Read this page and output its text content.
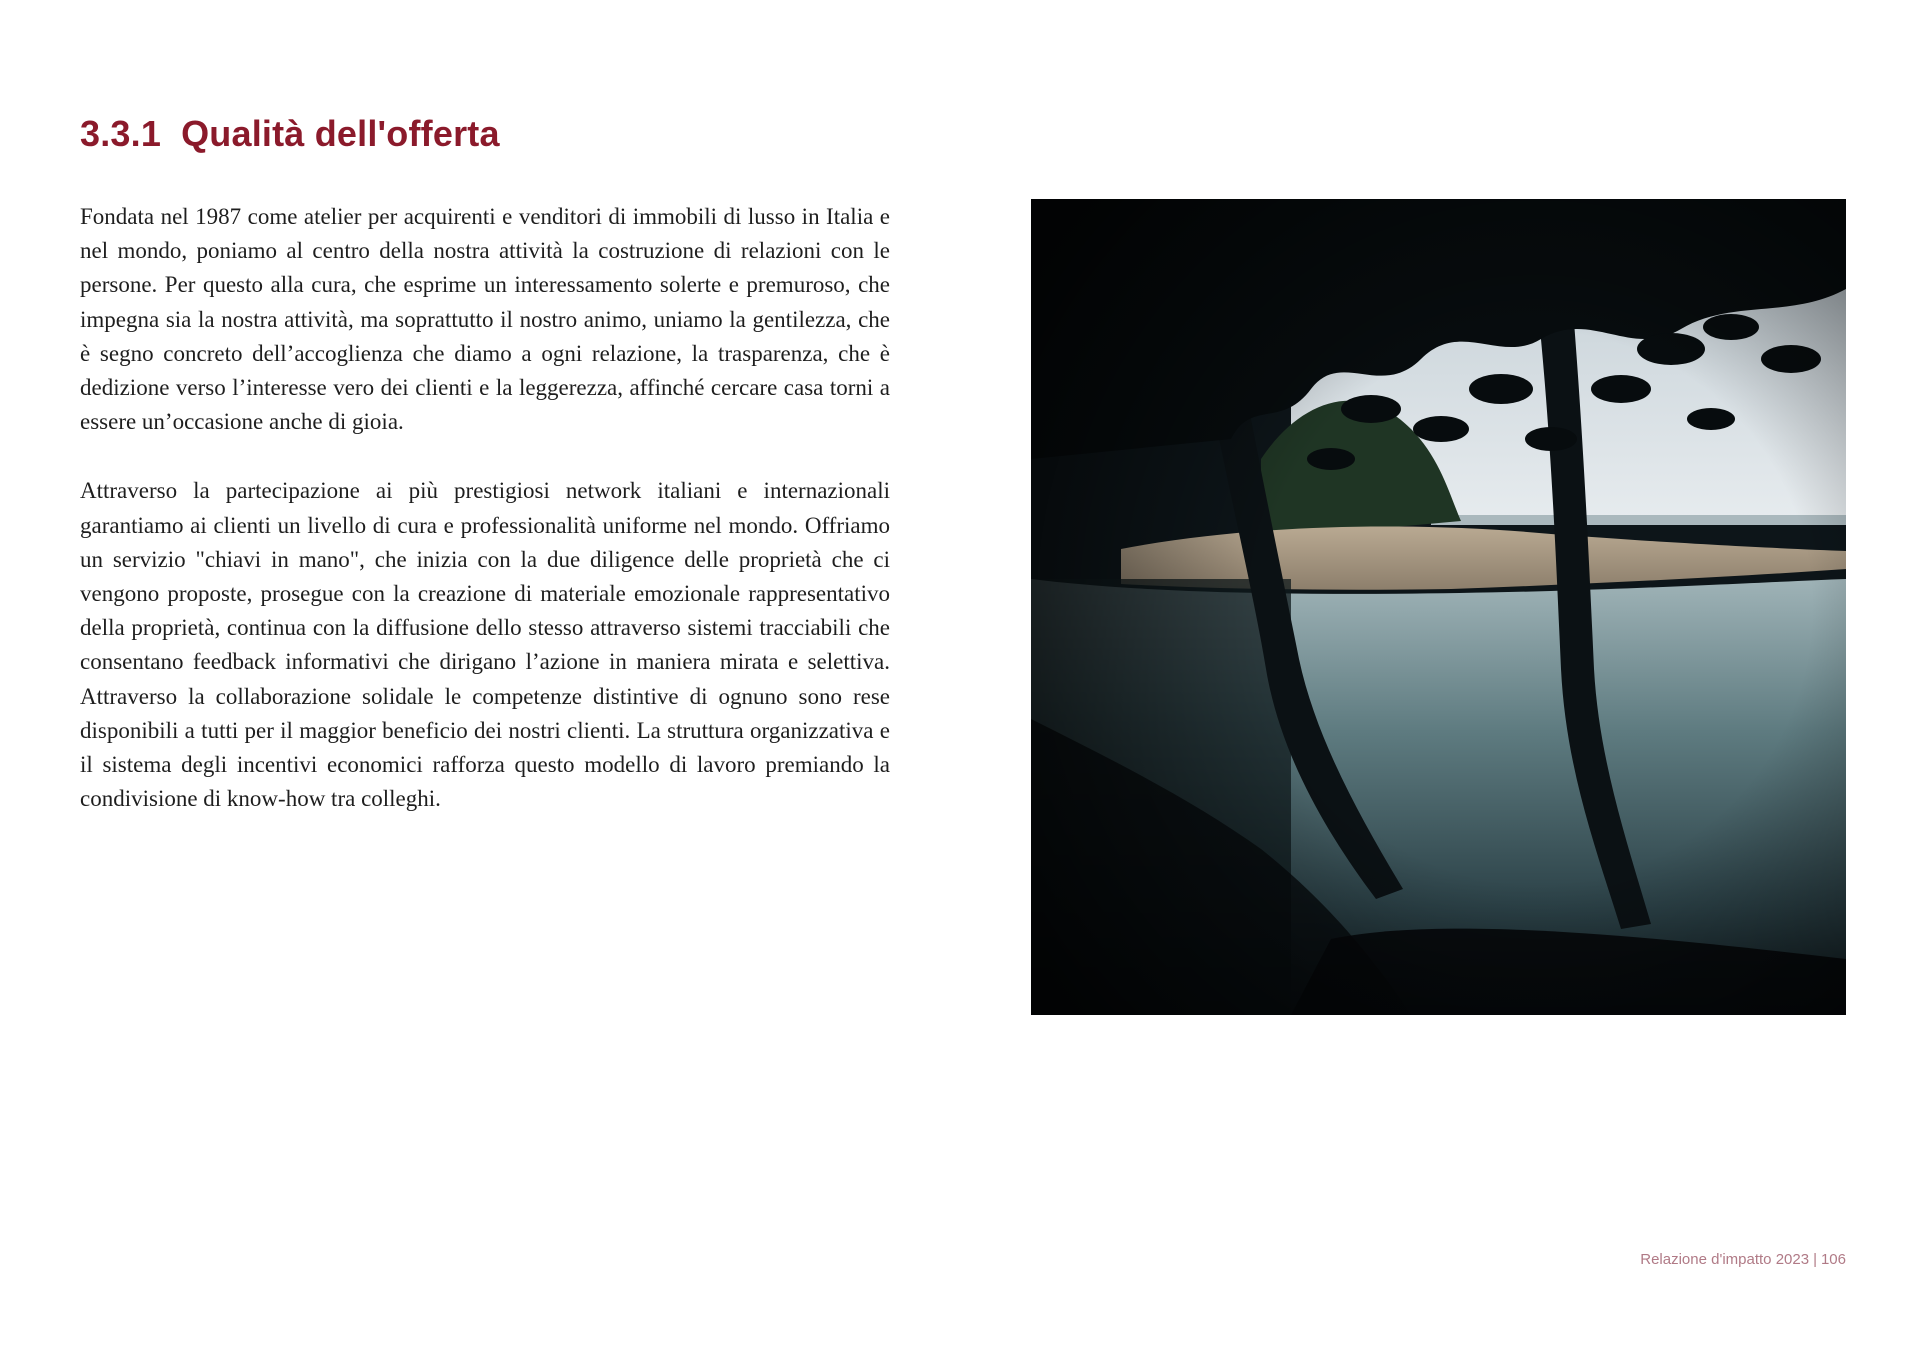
3.3.1 Qualità dell'offerta

Fondata nel 1987 come atelier per acquirenti e venditori di immobili di lusso in Italia e nel mondo, poniamo al centro della nostra attività la costruzione di relazioni con le persone. Per questo alla cura, che esprime un interessamento solerte e premuroso, che impegna sia la nostra attività, ma soprattutto il nostro animo, uniamo la gentilezza, che è segno concreto dell’accoglienza che diamo a ogni relazione, la trasparenza, che è dedizione verso l’interesse vero dei clienti e la leggerezza, affinché cercare casa torni a essere un’occasione anche di gioia.

Attraverso la partecipazione ai più prestigiosi network italiani e internazionali garantiamo ai clienti un livello di cura e professionalità uniforme nel mondo. Offriamo un servizio "chiavi in mano", che inizia con la due diligence delle proprietà che ci vengono proposte, prosegue con la creazione di materiale emozionale rappresentativo della proprietà, continua con la diffusione dello stesso attraverso sistemi tracciabili che consentano feedback informativi che dirigano l’azione in maniera mirata e selettiva. Attraverso la collaborazione solidale le competenze distintive di ognuno sono rese disponibili a tutti per il maggior beneficio dei nostri clienti. La struttura organizzativa e il sistema degli incentivi economici rafforza questo modello di lavoro premiando la condivisione di know-how tra colleghi.

Relazione d'impatto 2023 | 106
